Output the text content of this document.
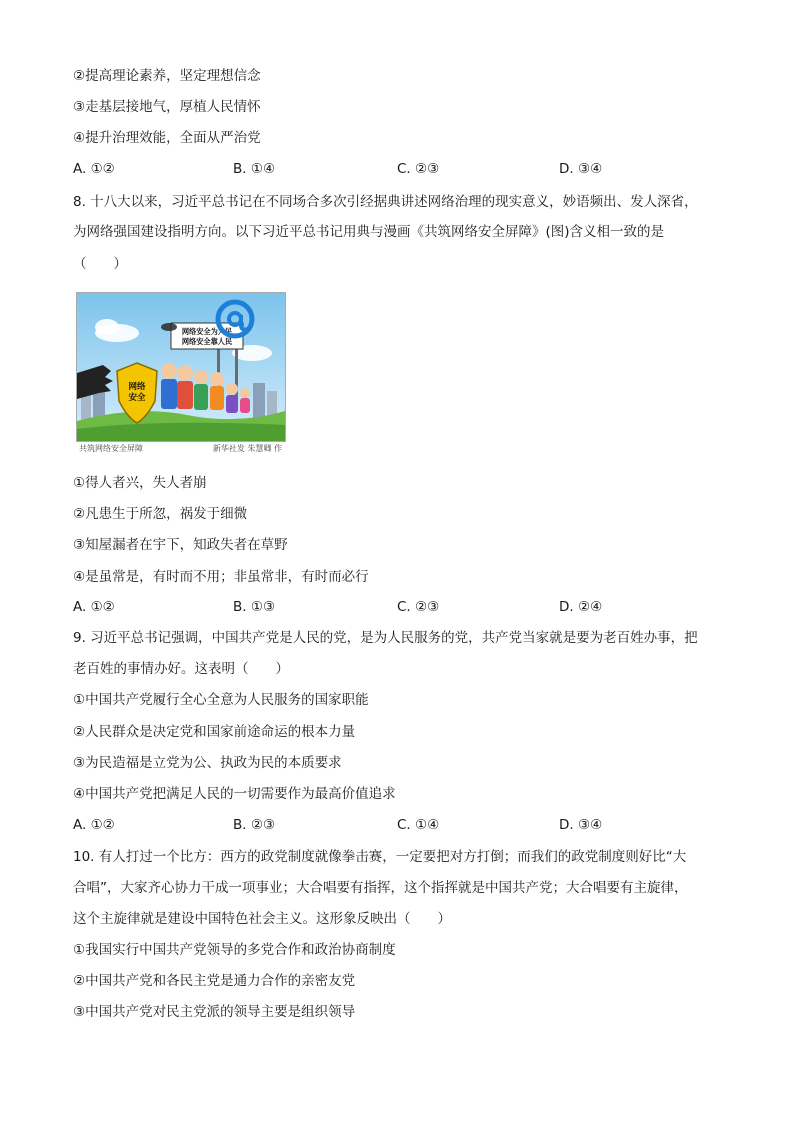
②提高理论素养，坚定理想信念
③走基层接地气，厚植人民情怀
④提升治理效能，全面从严治党
A. ①②	B. ①④	C. ②③	D. ③④
8. 十八大以来，习近平总书记在不同场合多次引经据典讲述网络治理的现实意义，妙语频出、发人深省，
为网络强国建设指明方向。以下习近平总书记用典与漫画《共筑网络安全屏障》(图)含义相一致的是
（　　）
网络安全为人民
网络安全靠人民
网络
安全
共筑网络安全屏障	新华社发 朱慧卿 作
①得人者兴，失人者崩
②凡患生于所忽，祸发于细微
③知屋漏者在宇下，知政失者在草野
④是虽常是，有时而不用；非虽常非，有时而必行
A. ①②	B. ①③	C. ②③	D. ②④
9. 习近平总书记强调，中国共产党是人民的党，是为人民服务的党，共产党当家就是要为老百姓办事，把
老百姓的事情办好。这表明（　　）
①中国共产党履行全心全意为人民服务的国家职能
②人民群众是决定党和国家前途命运的根本力量
③为民造福是立党为公、执政为民的本质要求
④中国共产党把满足人民的一切需要作为最高价值追求
A. ①②	B. ②③	C. ①④	D. ③④
10. 有人打过一个比方：西方的政党制度就像拳击赛，一定要把对方打倒；而我们的政党制度则好比“大
合唱”，大家齐心协力干成一项事业；大合唱要有指挥，这个指挥就是中国共产党；大合唱要有主旋律，
这个主旋律就是建设中国特色社会主义。这形象反映出（　　）
①我国实行中国共产党领导的多党合作和政治协商制度
②中国共产党和各民主党是通力合作的亲密友党
③中国共产党对民主党派的领导主要是组织领导
